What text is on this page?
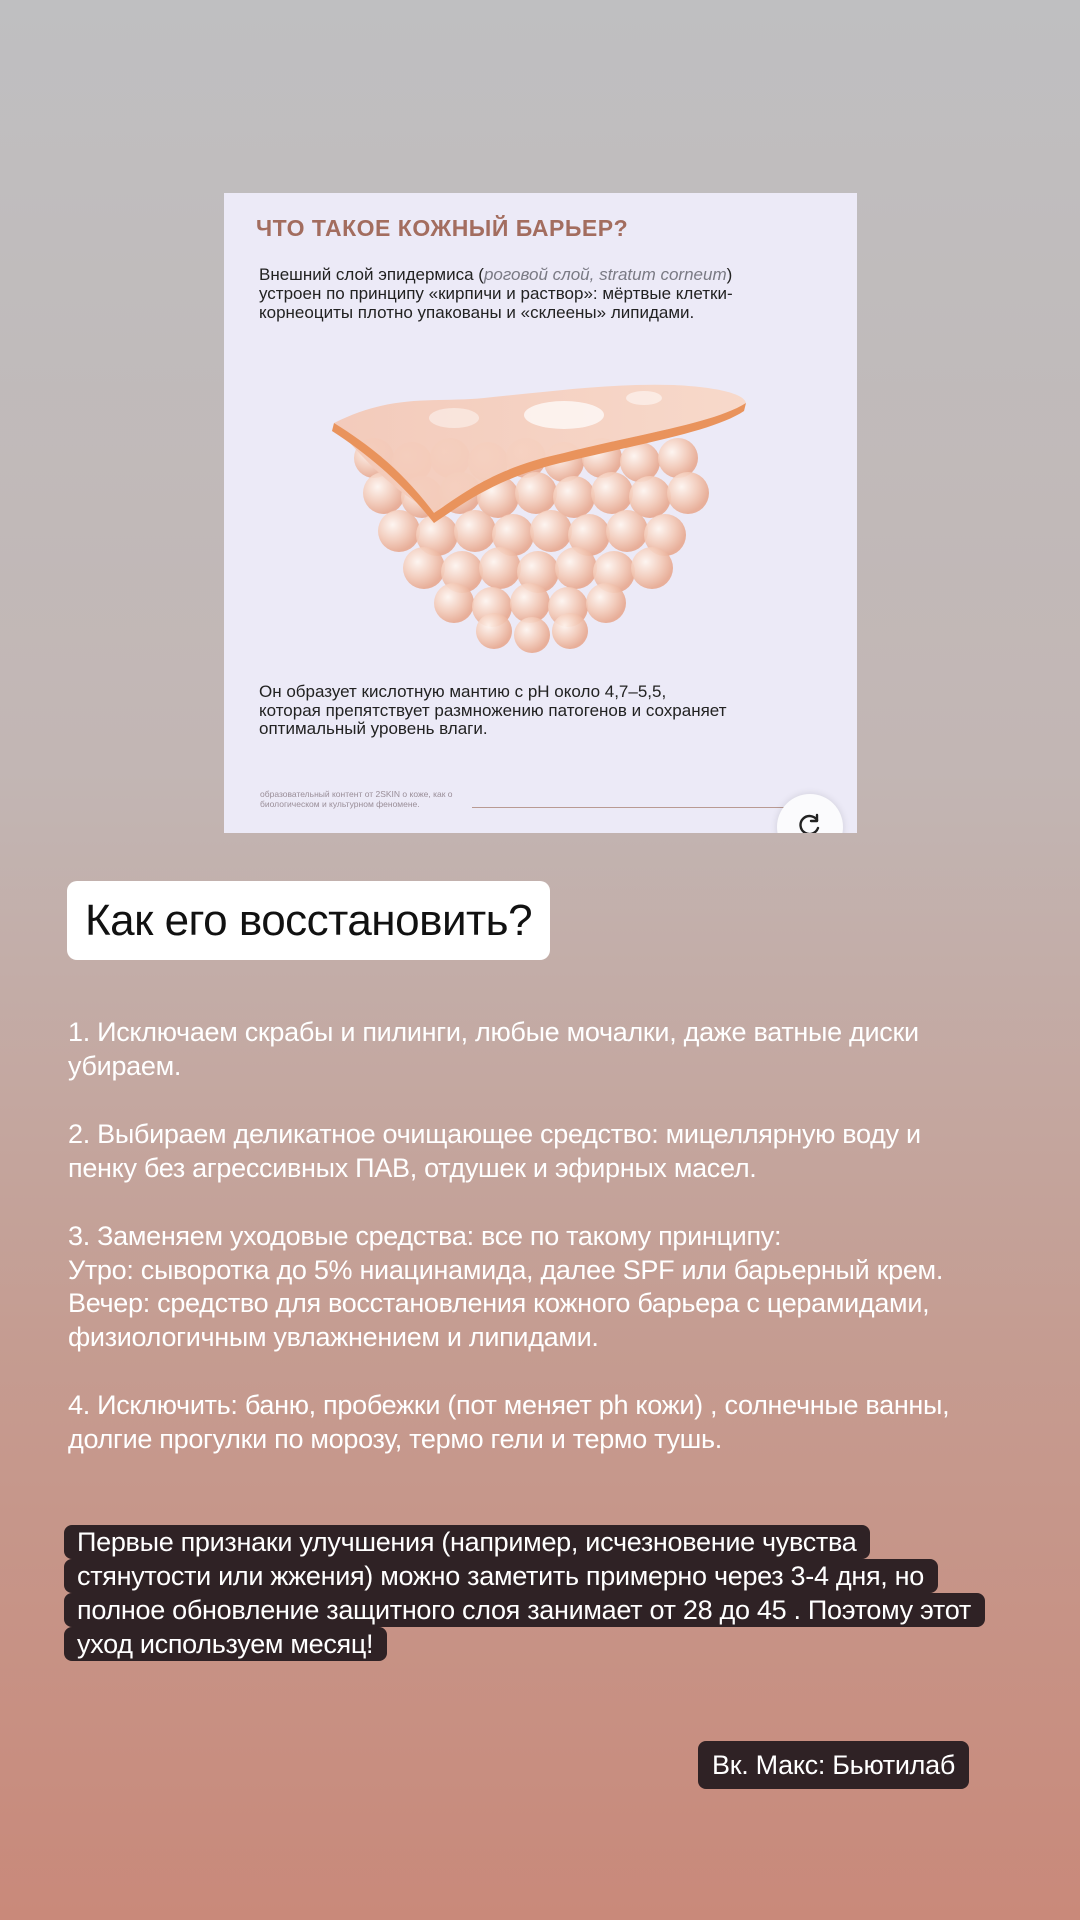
ЧТО ТАКОЕ КОЖНЫЙ БАРЬЕР?

Внешний слой эпидермиса (роговой слой, stratum corneum) устроен по принципу «кирпичи и раствор»: мёртвые клетки-корнеоциты плотно упакованы и «склеены» липидами.

Он образует кислотную мантию с pH около 4,7–5,5, которая препятствует размножению патогенов и сохраняет оптимальный уровень влаги.

образовательный контент от 2SKIN о коже, как о биологическом и культурном феномене.

Как его восстановить?

1. Исключаем скрабы и пилинги, любые мочалки, даже ватные диски
убираем.

2. Выбираем деликатное очищающее средство: мицеллярную воду и
пенку без агрессивных ПАВ, отдушек и эфирных масел.

3. Заменяем уходовые средства: все по такому принципу:
Утро: сыворотка до 5% ниацинамида, далее SPF или барьерный крем.
Вечер: средство для восстановления кожного барьера с церамидами,
физиологичным увлажнением и липидами.

4. Исключить: баню, пробежки (пот меняет ph кожи) , солнечные ванны,
долгие прогулки по морозу, термо гели и термо тушь.

Первые признаки улучшения (например, исчезновение чувства
стянутости или жжения) можно заметить примерно через 3-4 дня, но
полное обновление защитного слоя занимает от 28 до 45 . Поэтому этот
уход используем месяц!
Вк. Макс: Бьютилаб
